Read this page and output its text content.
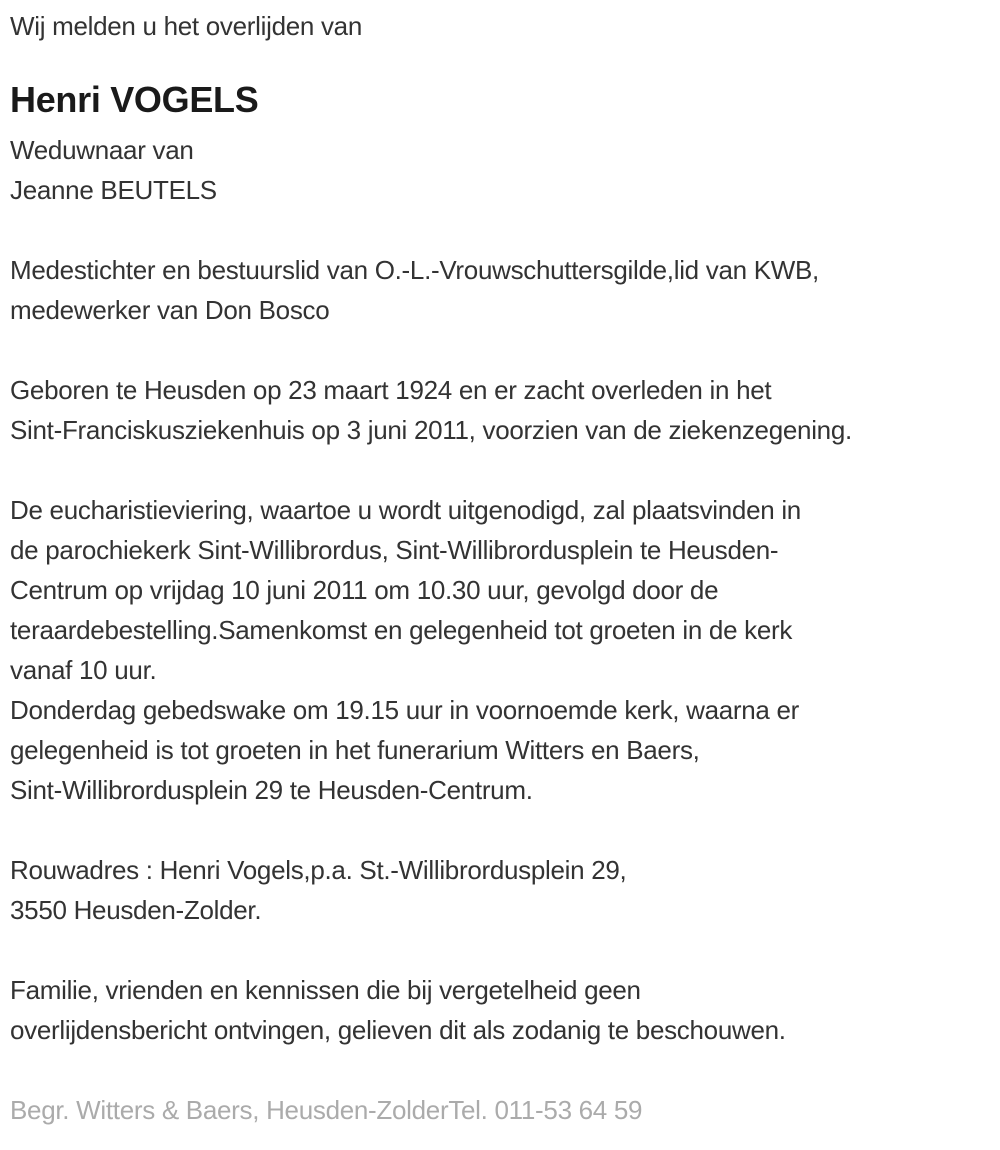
Wij melden u het overlijden van
Henri VOGELS
Weduwnaar van
Jeanne BEUTELS
Medestichter en bestuurslid van O.-L.-Vrouwschuttersgilde,lid van KWB,
medewerker van Don Bosco
Geboren te Heusden op 23 maart 1924 en er zacht overleden in het
Sint-Franciskusziekenhuis op 3 juni 2011, voorzien van de ziekenzegening.
De eucharistieviering, waartoe u wordt uitgenodigd, zal plaatsvinden in
de parochiekerk Sint-Willibrordus, Sint-Willibrordusplein te Heusden-
Centrum op vrijdag 10 juni 2011 om 10.30 uur, gevolgd door de
teraardebestelling.Samenkomst en gelegenheid tot groeten in de kerk
vanaf 10 uur.
Donderdag gebedswake om 19.15 uur in voornoemde kerk, waarna er
gelegenheid is tot groeten in het funerarium Witters en Baers,
Sint-Willibrordusplein 29 te Heusden-Centrum.
Rouwadres : Henri Vogels,p.a. St.-Willibrordusplein 29,
3550 Heusden-Zolder.
Familie, vrienden en kennissen die bij vergetelheid geen
overlijdensbericht ontvingen, gelieven dit als zodanig te beschouwen.
Begr. Witters & Baers, Heusden-ZolderTel. 011-53 64 59
